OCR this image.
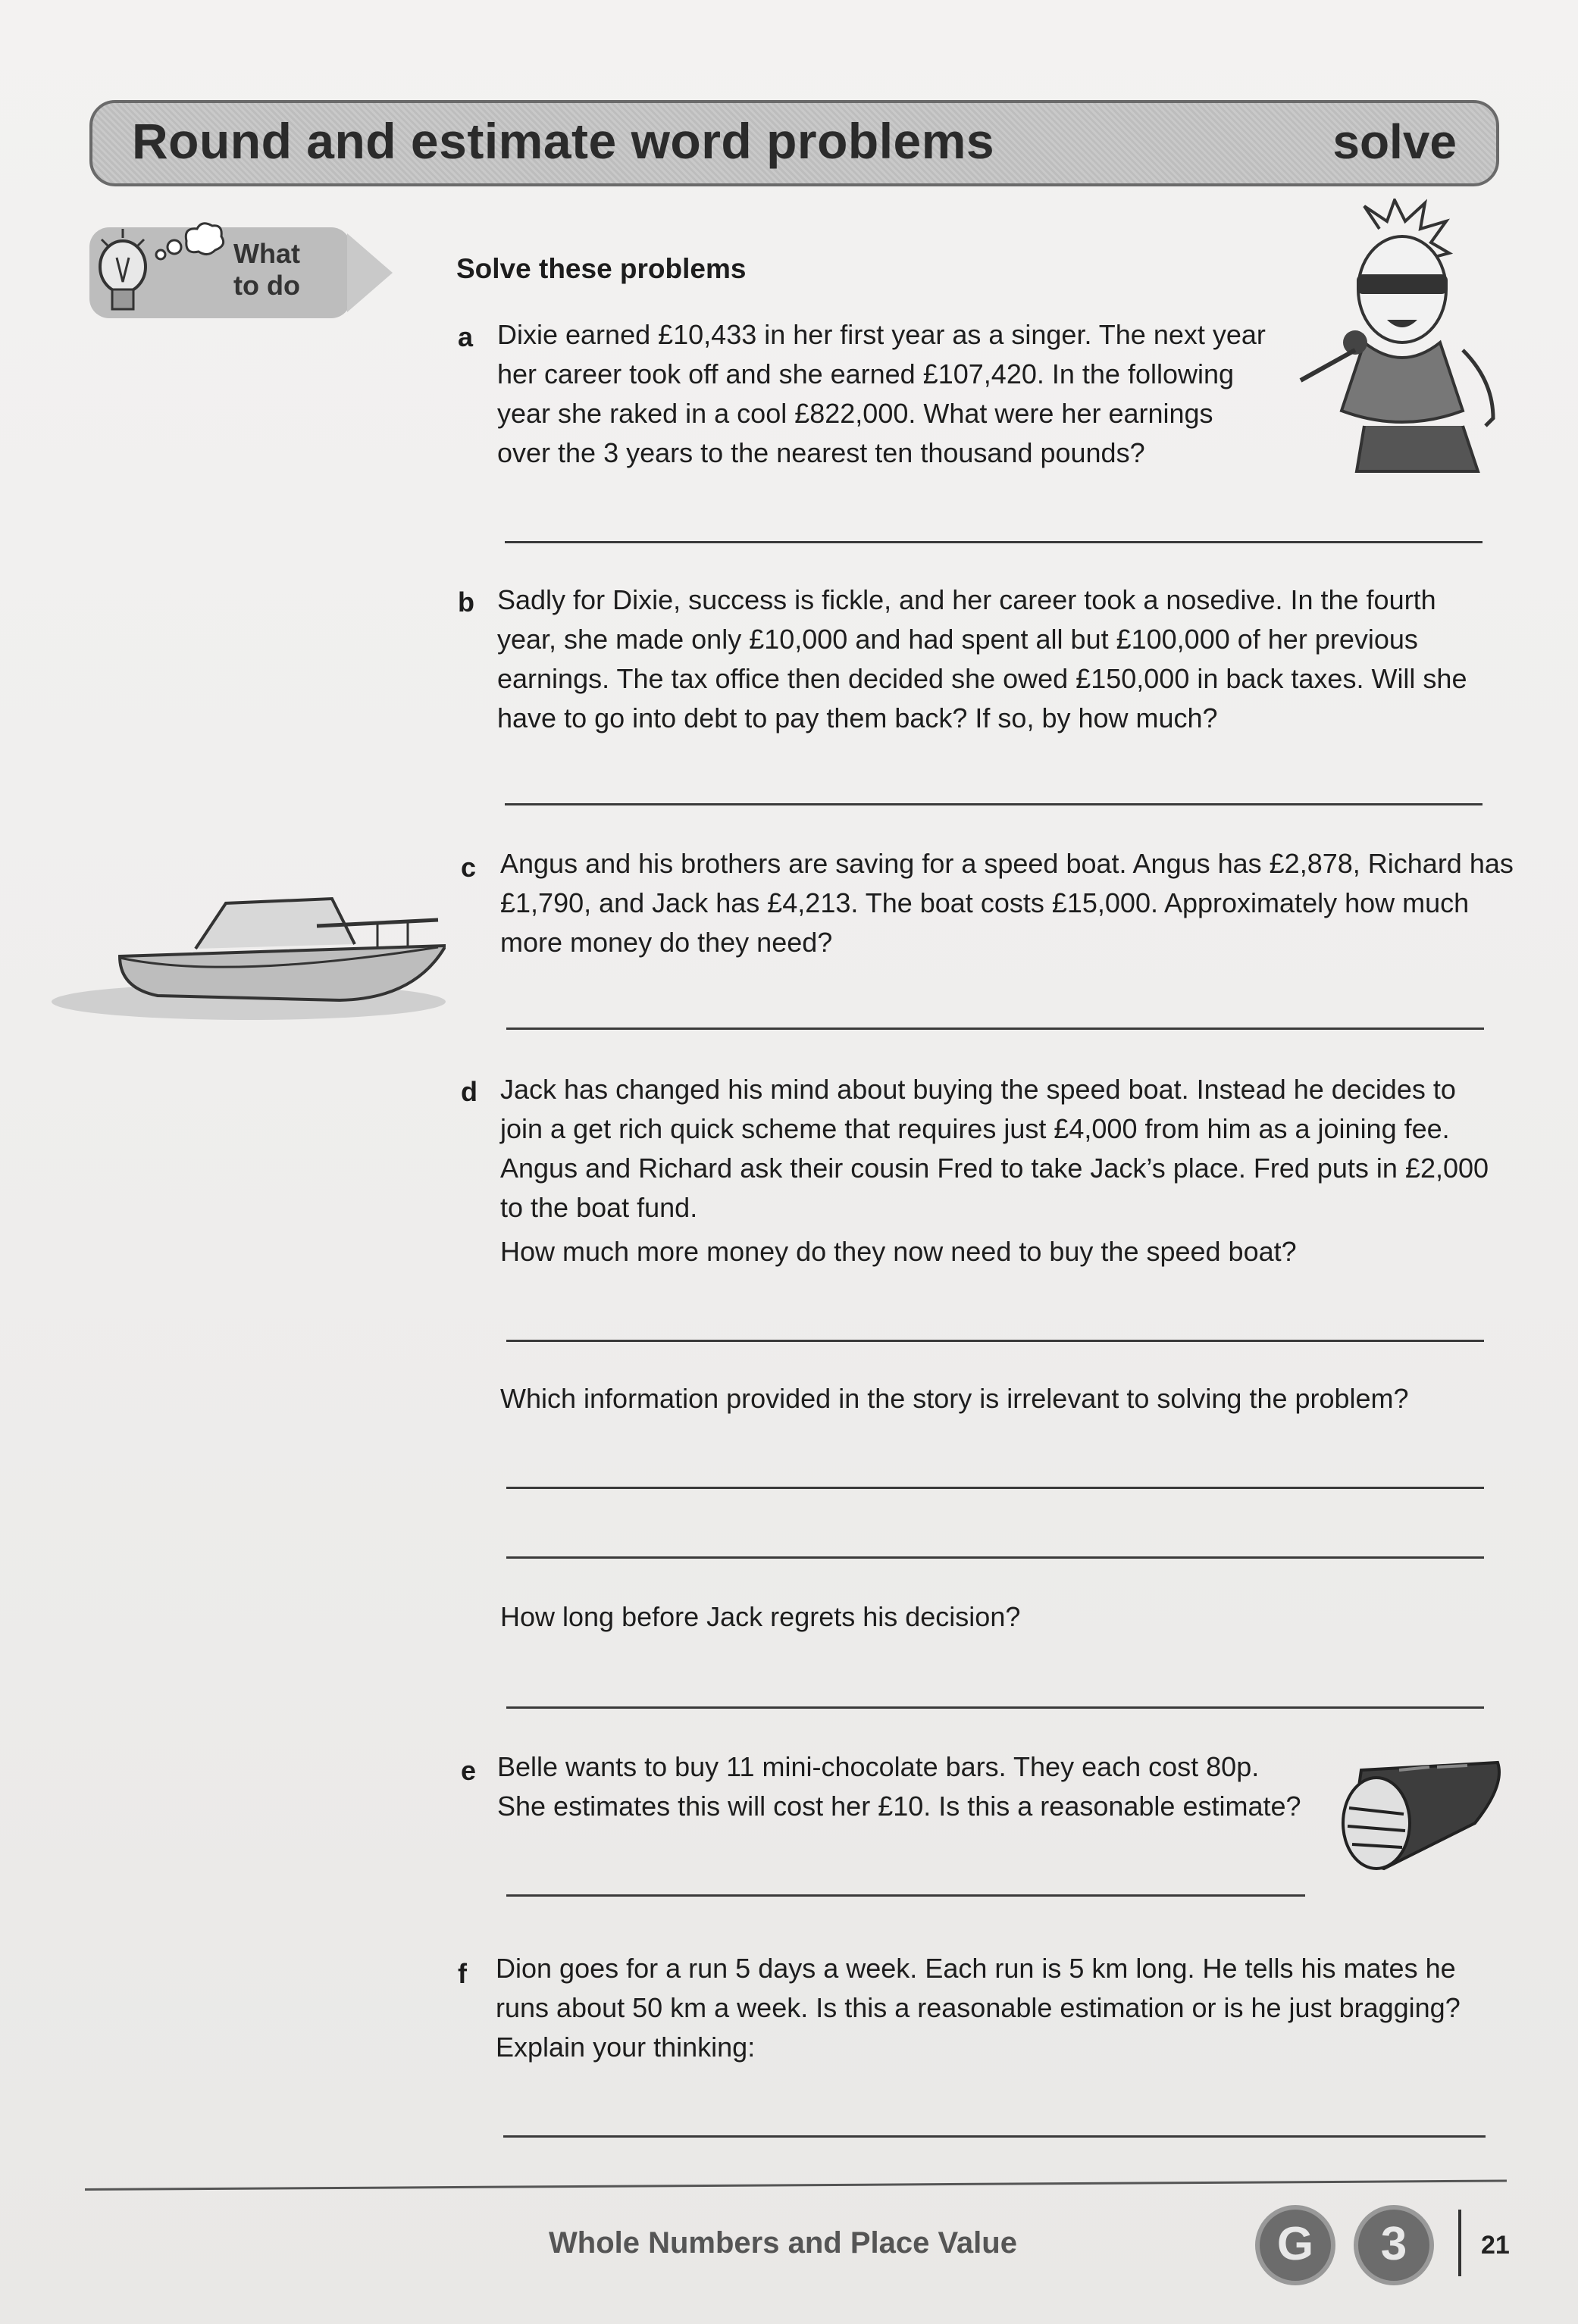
Round and estimate word problems	solve
What
to do
Solve these problems
a Dixie earned £10,433 in her first year as a singer. The next year
her career took off and she earned £107,420. In the following
year she raked in a cool £822,000. What were her earnings
over the 3 years to the nearest ten thousand pounds?
b Sadly for Dixie, success is fickle, and her career took a nosedive. In the fourth
year, she made only £10,000 and had spent all but £100,000 of her previous
earnings. The tax office then decided she owed £150,000 in back taxes. Will she
have to go into debt to pay them back? If so, by how much?
c Angus and his brothers are saving for a speed boat. Angus has £2,878, Richard has
£1,790, and Jack has £4,213. The boat costs £15,000. Approximately how much
more money do they need?
d Jack has changed his mind about buying the speed boat. Instead he decides to
join a get rich quick scheme that requires just £4,000 from him as a joining fee.
Angus and Richard ask their cousin Fred to take Jack’s place. Fred puts in £2,000
to the boat fund.
How much more money do they now need to buy the speed boat?
Which information provided in the story is irrelevant to solving the problem?
How long before Jack regrets his decision?
e Belle wants to buy 11 mini-chocolate bars. They each cost 80p.
She estimates this will cost her £10. Is this a reasonable estimate?
f Dion goes for a run 5 days a week. Each run is 5 km long. He tells his mates he
runs about 50 km a week. Is this a reasonable estimation or is he just bragging?
Explain your thinking:
Whole Numbers and Place Value	G	3	21
